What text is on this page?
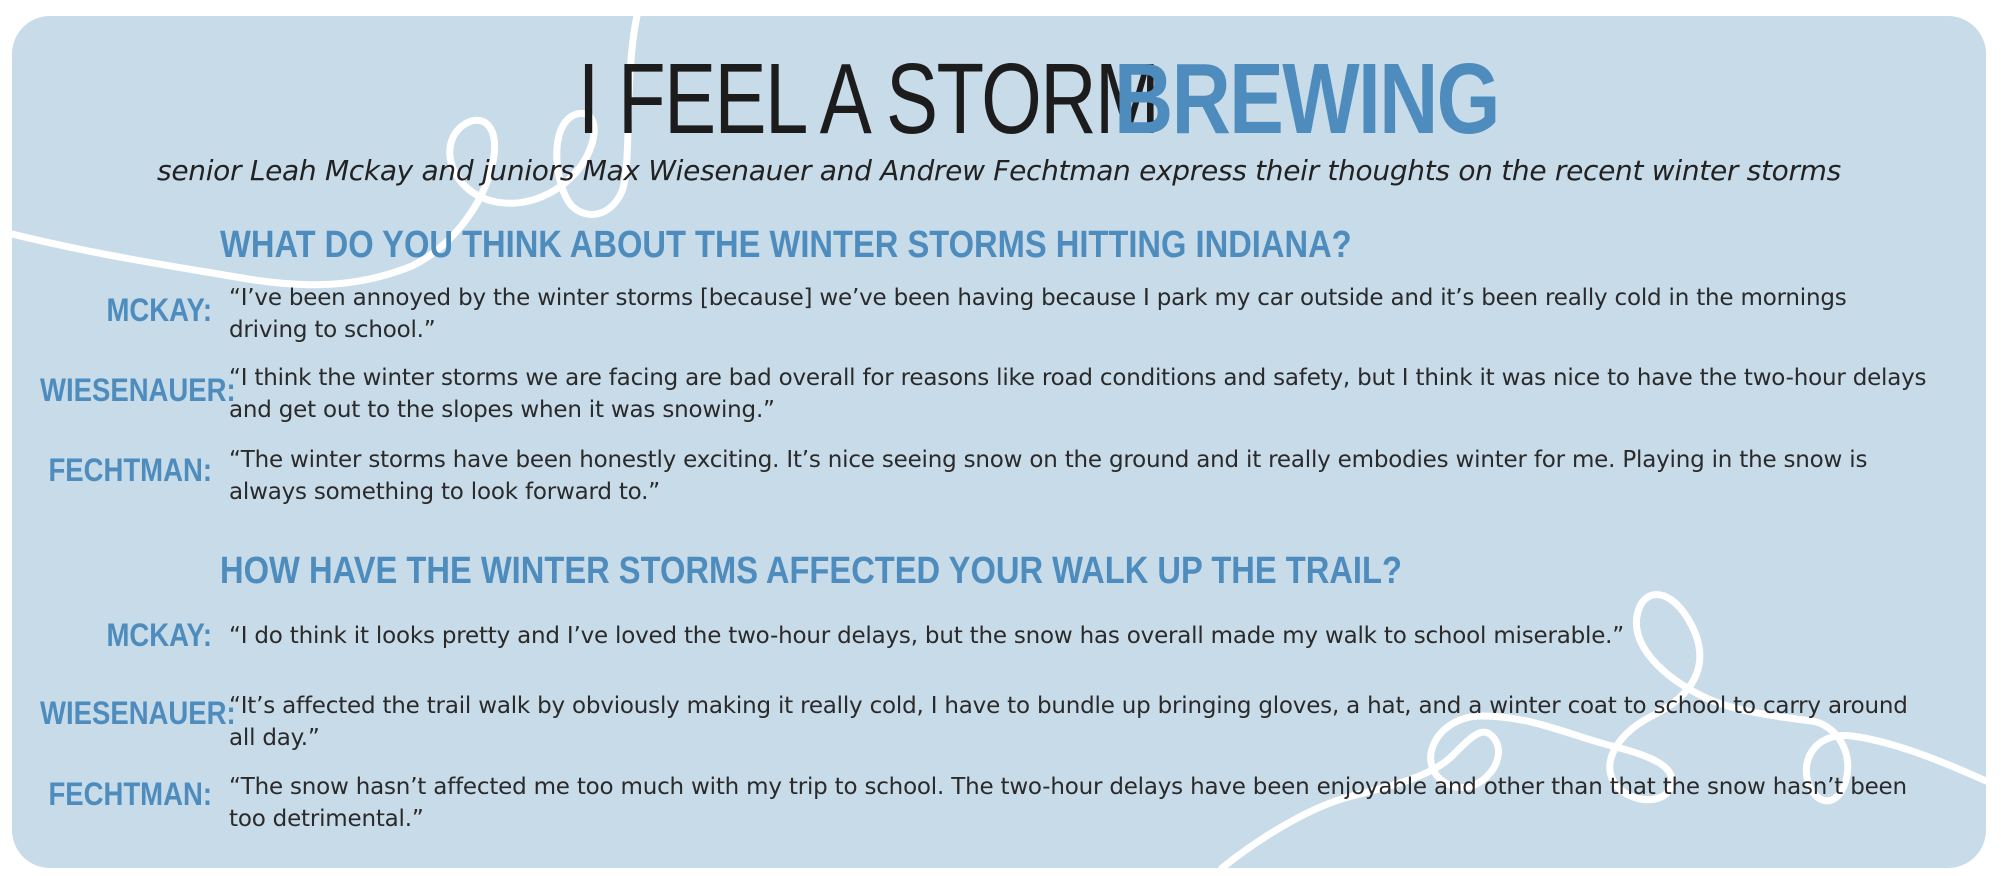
I FEEL A STORM BREWING
senior Leah Mckay and juniors Max Wiesenauer and Andrew Fechtman express their thoughts on the recent winter storms
WHAT DO YOU THINK ABOUT THE WINTER STORMS HITTING INDIANA?
MCKAY: “I’ve been annoyed by the winter storms [because] we’ve been having because I park my car outside and it’s been really cold in the mornings driving to school.”
WIESENAUER:
“I think the winter storms we are facing are bad overall for reasons like road conditions and safety, but I think it was nice to have the two-hour delays and get out to the slopes when it was snowing.”
FECHTMAN: “The winter storms have been honestly exciting. It’s nice seeing snow on the ground and it really embodies winter for me. Playing in the snow is always something to look forward to.”
HOW HAVE THE WINTER STORMS AFFECTED YOUR WALK UP THE TRAIL?
MCKAY: “I do think it looks pretty and I’ve loved the two-hour delays, but the snow has overall made my walk to school miserable.”
WIESENAUER:
“It’s affected the trail walk by obviously making it really cold, I have to bundle up bringing gloves, a hat, and a winter coat to school to carry around all day.”
FECHTMAN: “The snow hasn’t affected me too much with my trip to school. The two-hour delays have been enjoyable and other than that the snow hasn’t been too detrimental.”
